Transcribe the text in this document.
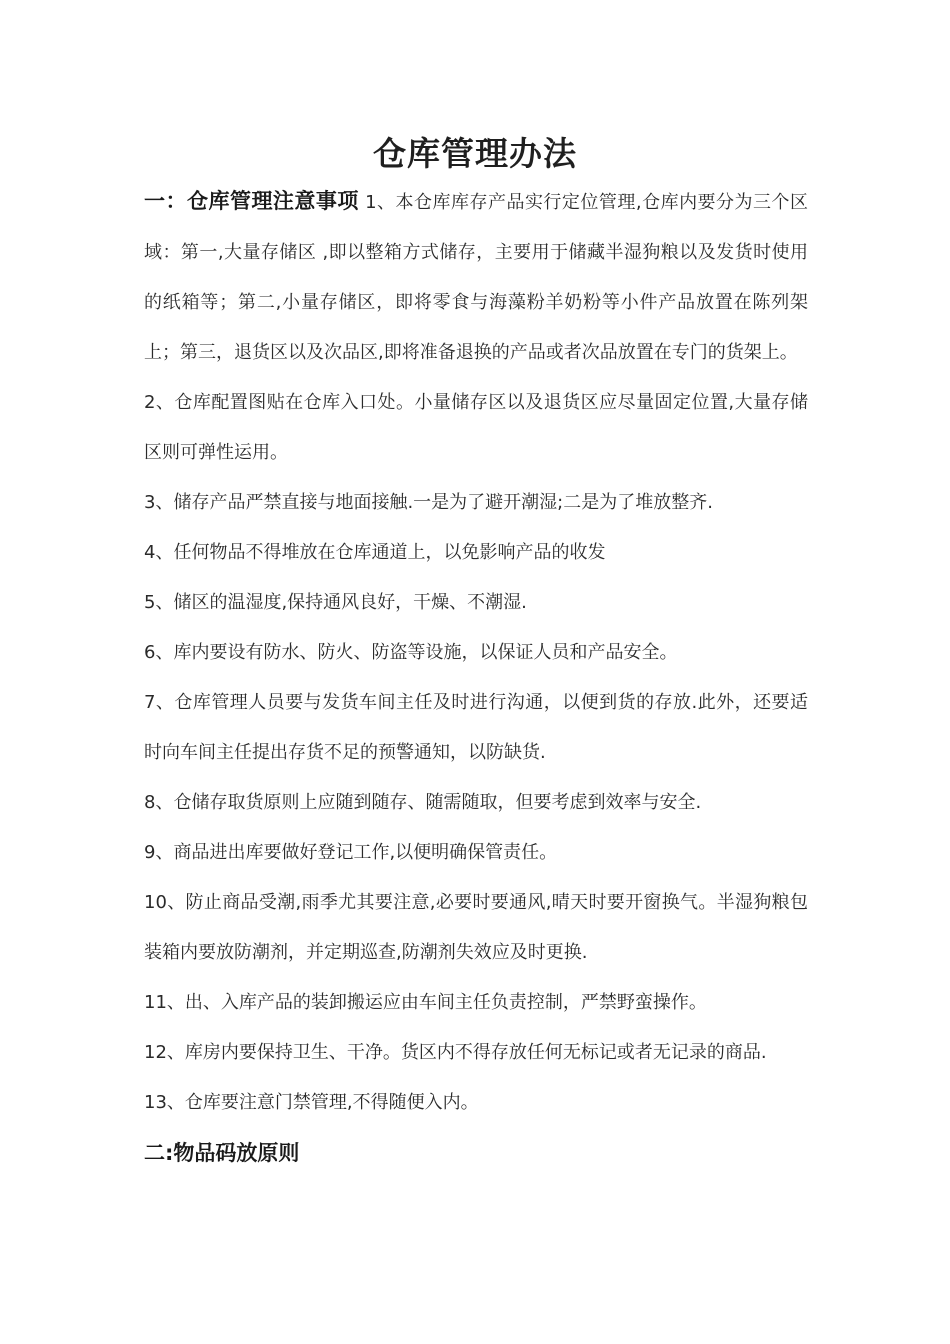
仓库管理办法

一：仓库管理注意事项 1、本仓库库存产品实行定位管理,仓库内要分为三个区域：第一,大量存储区 ,即以整箱方式储存，主要用于储藏半湿狗粮以及发货时使用的纸箱等；第二,小量存储区，即将零食与海藻粉羊奶粉等小件产品放置在陈列架上；第三，退货区以及次品区,即将准备退换的产品或者次品放置在专门的货架上。

2、仓库配置图贴在仓库入口处。小量储存区以及退货区应尽量固定位置,大量存储区则可弹性运用。

3、储存产品严禁直接与地面接触.一是为了避开潮湿;二是为了堆放整齐.

4、任何物品不得堆放在仓库通道上，以免影响产品的收发

5、储区的温湿度,保持通风良好，干燥、不潮湿.

6、库内要设有防水、防火、防盗等设施，以保证人员和产品安全。

7、仓库管理人员要与发货车间主任及时进行沟通，以便到货的存放.此外，还要适时向车间主任提出存货不足的预警通知，以防缺货.

8、仓储存取货原则上应随到随存、随需随取，但要考虑到效率与安全.

9、商品进出库要做好登记工作,以便明确保管责任。

10、防止商品受潮,雨季尤其要注意,必要时要通风,晴天时要开窗换气。半湿狗粮包装箱内要放防潮剂，并定期巡查,防潮剂失效应及时更换.

11、出、入库产品的装卸搬运应由车间主任负责控制，严禁野蛮操作。

12、库房内要保持卫生、干净。货区内不得存放任何无标记或者无记录的商品.

13、仓库要注意门禁管理,不得随便入内。

二:物品码放原则
